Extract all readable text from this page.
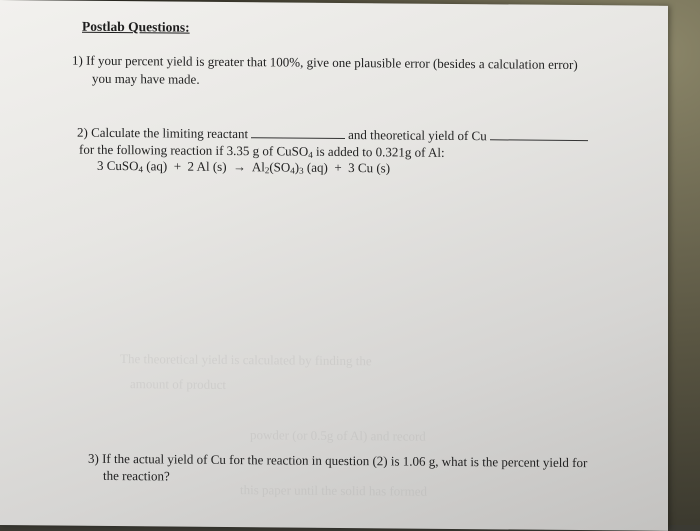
The theoretical yield is calculated by finding the
amount of product
powder (or 0.5g of Al) and record
this paper until the solid has formed
Postlab Questions:
1) If your percent yield is greater that 100%, give one plausible error (besides a calculation error)
you may have made.
2) Calculate the limiting reactant	and theoretical yield of Cu
for the following reaction if 3.35 g of CuSO$_4$ is added to 0.321g of Al:
3 CuSO$_4$ (aq)  +  2 Al $(s) \to Al_2(SO_4)_3$ (aq)  +  3 Cu (s)
3) If the actual yield of Cu for the reaction in question (2) is 1.06 g, what is the percent yield for
the reaction?
